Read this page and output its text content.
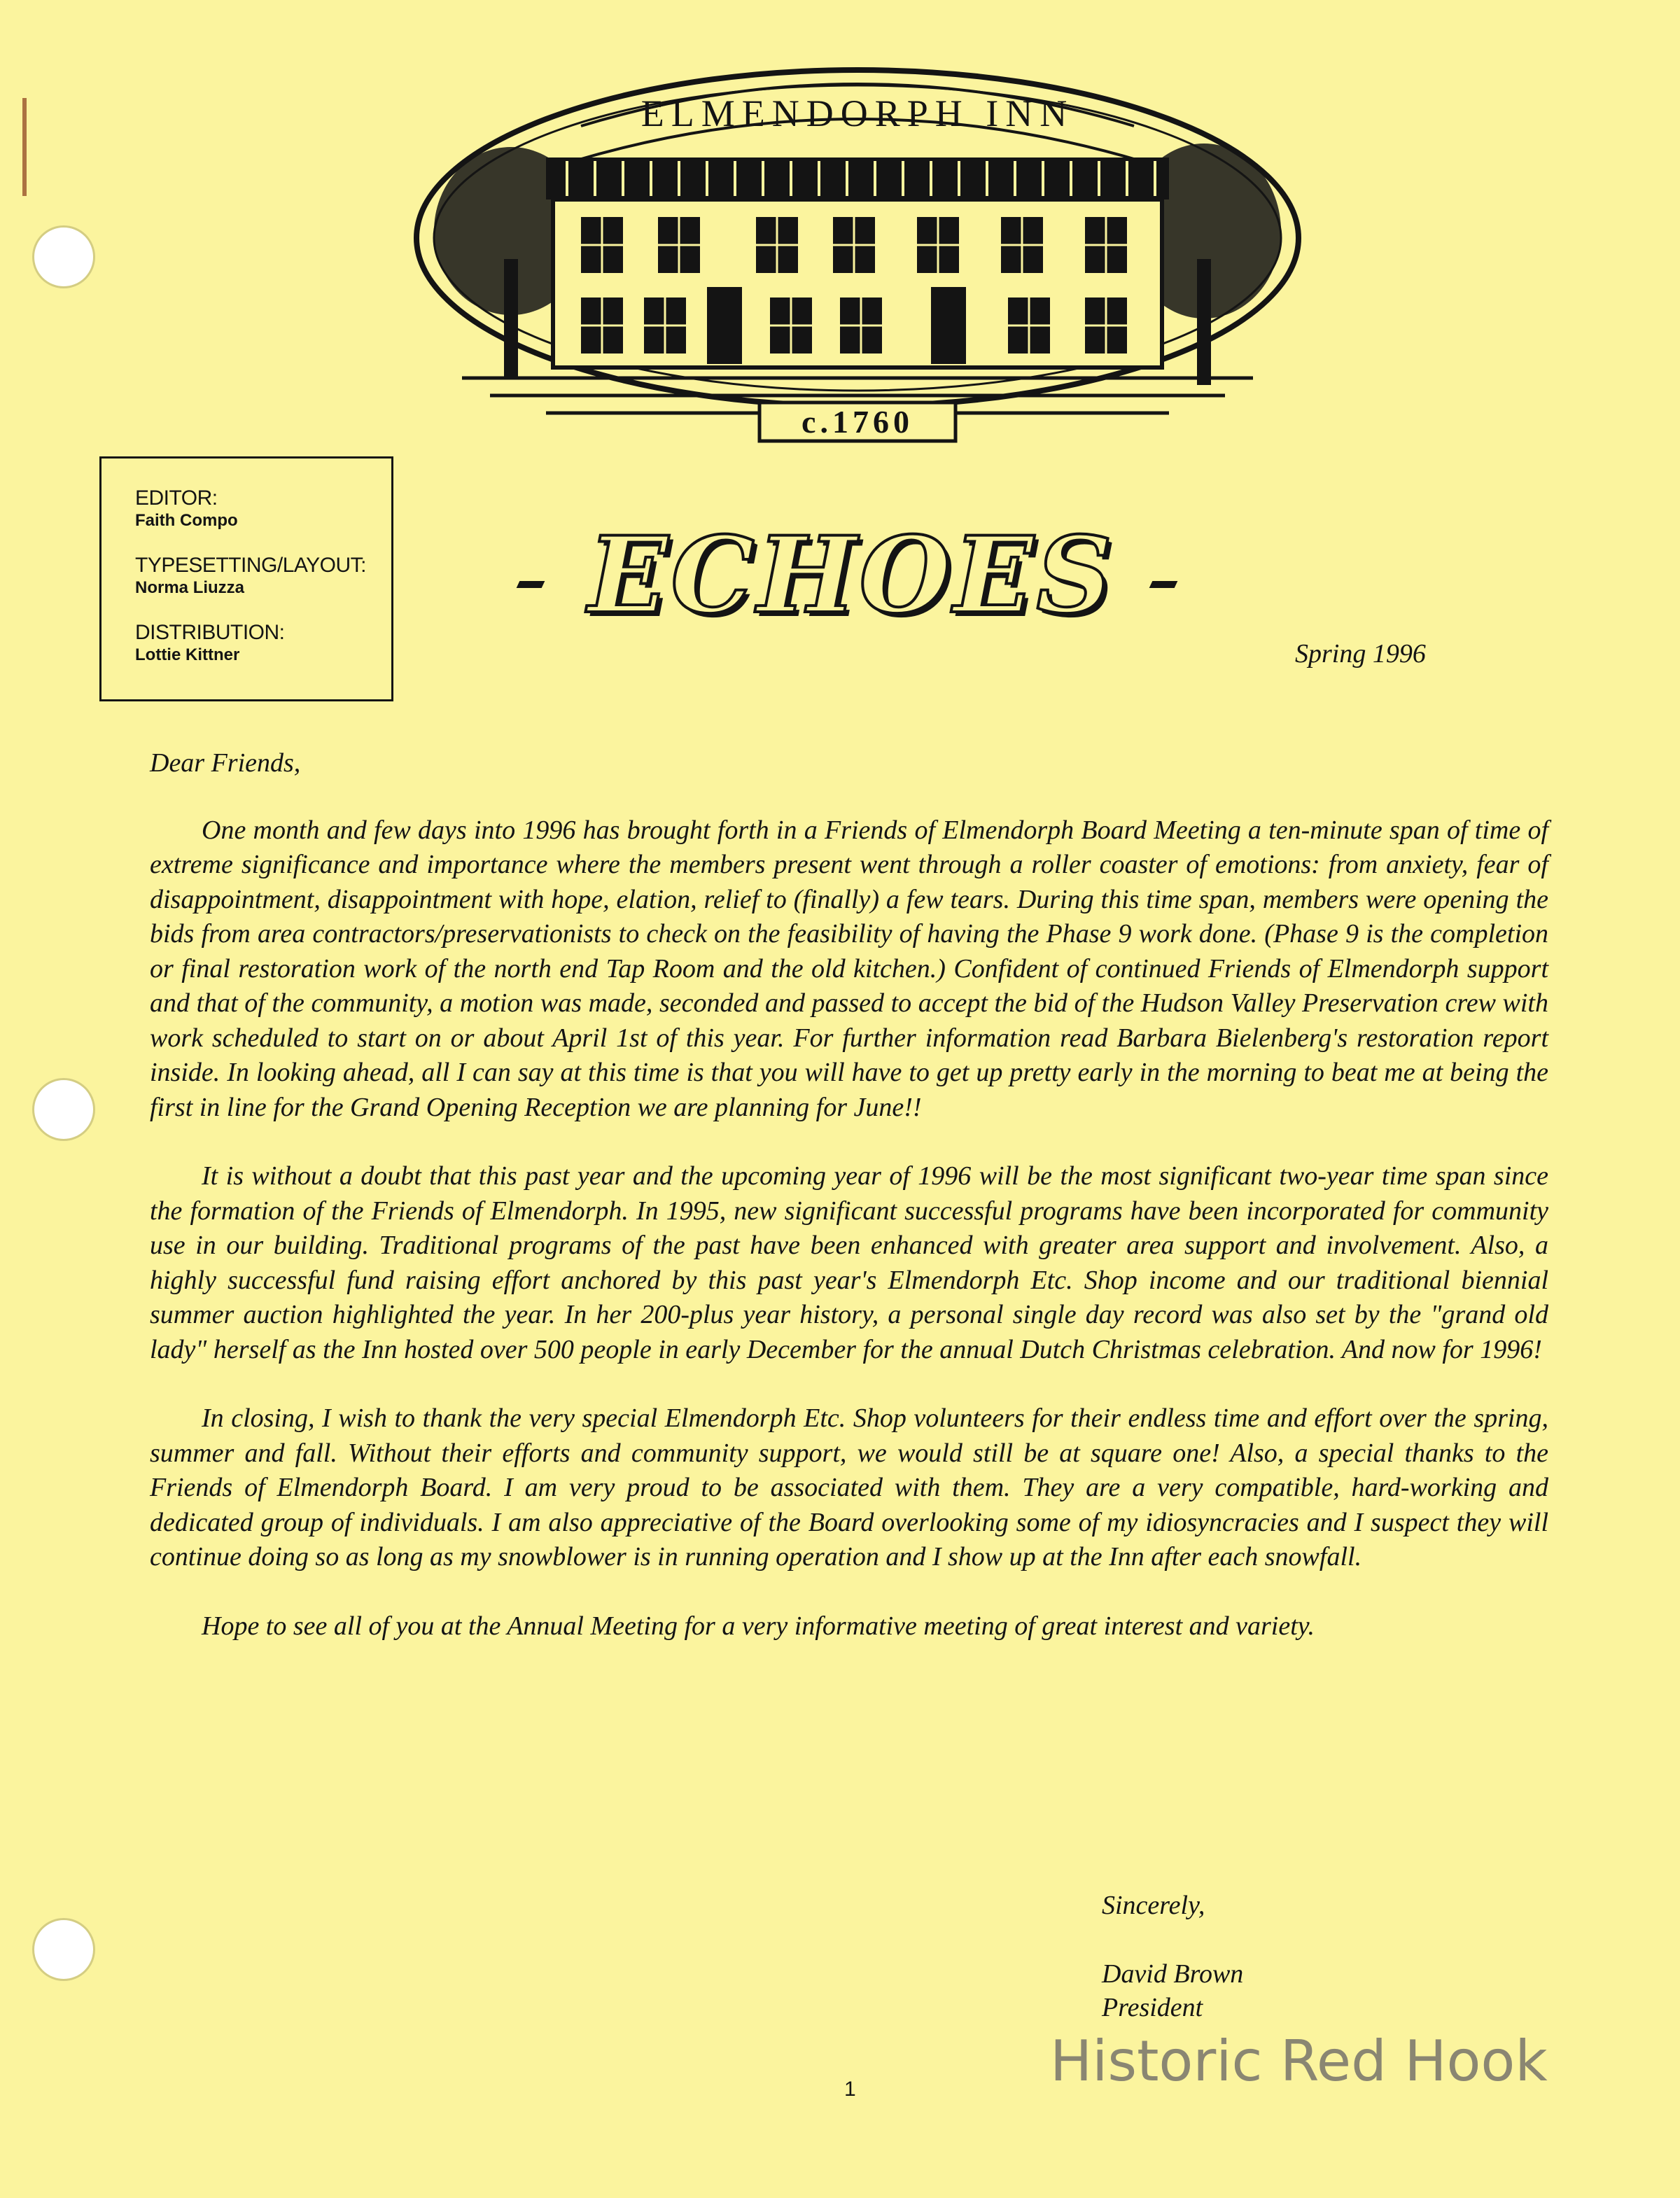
ELMENDORPH INN
c.1760
EDITOR:
Faith Compo
TYPESETTING/LAYOUT:
Norma Liuzza
DISTRIBUTION:
Lottie Kittner
ECHOES
Spring 1996

Dear Friends,

One month and few days into 1996 has brought forth in a Friends of Elmendorph Board Meeting a ten-minute span of time of extreme significance and importance where the members present went through a roller coaster of emotions: from anxiety, fear of disappointment, disappointment with hope, elation, relief to (finally) a few tears. During this time span, members were opening the bids from area contractors/preservationists to check on the feasibility of having the Phase 9 work done. (Phase 9 is the completion or final restoration work of the north end Tap Room and the old kitchen.) Confident of continued Friends of Elmendorph support and that of the community, a motion was made, seconded and passed to accept the bid of the Hudson Valley Preservation crew with work scheduled to start on or about April 1st of this year. For further information read Barbara Bielenberg's restoration report inside. In looking ahead, all I can say at this time is that you will have to get up pretty early in the morning to beat me at being the first in line for the Grand Opening Reception we are planning for June!!

It is without a doubt that this past year and the upcoming year of 1996 will be the most significant two-year time span since the formation of the Friends of Elmendorph. In 1995, new significant successful programs have been incorporated for community use in our building. Traditional programs of the past have been enhanced with greater area support and involvement. Also, a highly successful fund raising effort anchored by this past year's Elmendorph Etc. Shop income and our traditional biennial summer auction highlighted the year. In her 200-plus year history, a personal single day record was also set by the "grand old lady" herself as the Inn hosted over 500 people in early December for the annual Dutch Christmas celebration. And now for 1996!

In closing, I wish to thank the very special Elmendorph Etc. Shop volunteers for their endless time and effort over the spring, summer and fall. Without their efforts and community support, we would still be at square one! Also, a special thanks to the Friends of Elmendorph Board. I am very proud to be associated with them. They are a very compatible, hard-working and dedicated group of individuals. I am also appreciative of the Board overlooking some of my idiosyncracies and I suspect they will continue doing so as long as my snowblower is in running operation and I show up at the Inn after each snowfall.

Hope to see all of you at the Annual Meeting for a very informative meeting of great interest and variety.

Sincerely,
David Brown
President
Historic Red Hook
1
